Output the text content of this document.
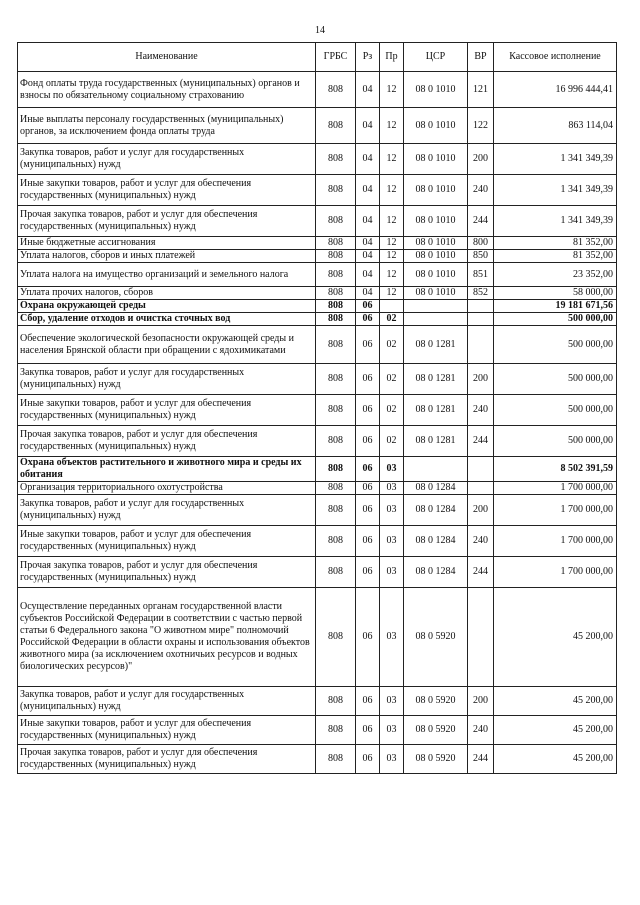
14
Наименование	ГРБС	Рз	Пр	ЦСР	ВР	Кассовое исполнение
Фонд оплаты труда государственных (муниципальных) органов и взносы по обязательному социальному страхованию	808	04	12	08 0 1010	121	16 996 444,41
Иные выплаты персоналу государственных (муниципальных) органов, за исключением фонда оплаты труда	808	04	12	08 0 1010	122	863 114,04
Закупка товаров, работ и услуг для государственных (муниципальных) нужд	808	04	12	08 0 1010	200	1 341 349,39
Иные закупки товаров, работ и услуг для обеспечения государственных (муниципальных) нужд	808	04	12	08 0 1010	240	1 341 349,39
Прочая закупка товаров, работ и услуг для обеспечения государственных (муниципальных) нужд	808	04	12	08 0 1010	244	1 341 349,39
Иные бюджетные ассигнования	808	04	12	08 0 1010	800	81 352,00
Уплата налогов, сборов и иных платежей	808	04	12	08 0 1010	850	81 352,00
Уплата налога на имущество организаций и земельного налога	808	04	12	08 0 1010	851	23 352,00
Уплата прочих налогов, сборов	808	04	12	08 0 1010	852	58 000,00
Охрана окружающей среды	808	06				19 181 671,56
Сбор, удаление отходов и очистка сточных вод	808	06	02			500 000,00
Обеспечение экологической безопасности окружающей среды и населения Брянской области при обращении с ядохимикатами	808	06	02	08 0 1281		500 000,00
Закупка товаров, работ и услуг для государственных (муниципальных) нужд	808	06	02	08 0 1281	200	500 000,00
Иные закупки товаров, работ и услуг для обеспечения государственных (муниципальных) нужд	808	06	02	08 0 1281	240	500 000,00
Прочая закупка товаров, работ и услуг для обеспечения государственных (муниципальных) нужд	808	06	02	08 0 1281	244	500 000,00
Охрана объектов растительного и животного мира и среды их обитания	808	06	03			8 502 391,59
Организация территориального охотустройства	808	06	03	08 0 1284		1 700 000,00
Закупка товаров, работ и услуг для государственных (муниципальных) нужд	808	06	03	08 0 1284	200	1 700 000,00
Иные закупки товаров, работ и услуг для обеспечения государственных (муниципальных) нужд	808	06	03	08 0 1284	240	1 700 000,00
Прочая закупка товаров, работ и услуг для обеспечения государственных (муниципальных) нужд	808	06	03	08 0 1284	244	1 700 000,00
Осуществление переданных органам государственной власти субъектов Российской Федерации в соответствии с частью первой статьи 6 Федерального закона "О животном мире" полномочий Российской Федерации в области охраны и использования объектов животного мира (за исключением охотничьих ресурсов и водных биологических ресурсов)"	808	06	03	08 0 5920		45 200,00
Закупка товаров, работ и услуг для государственных (муниципальных) нужд	808	06	03	08 0 5920	200	45 200,00
Иные закупки товаров, работ и услуг для обеспечения государственных (муниципальных) нужд	808	06	03	08 0 5920	240	45 200,00
Прочая закупка товаров, работ и услуг для обеспечения государственных (муниципальных) нужд	808	06	03	08 0 5920	244	45 200,00
